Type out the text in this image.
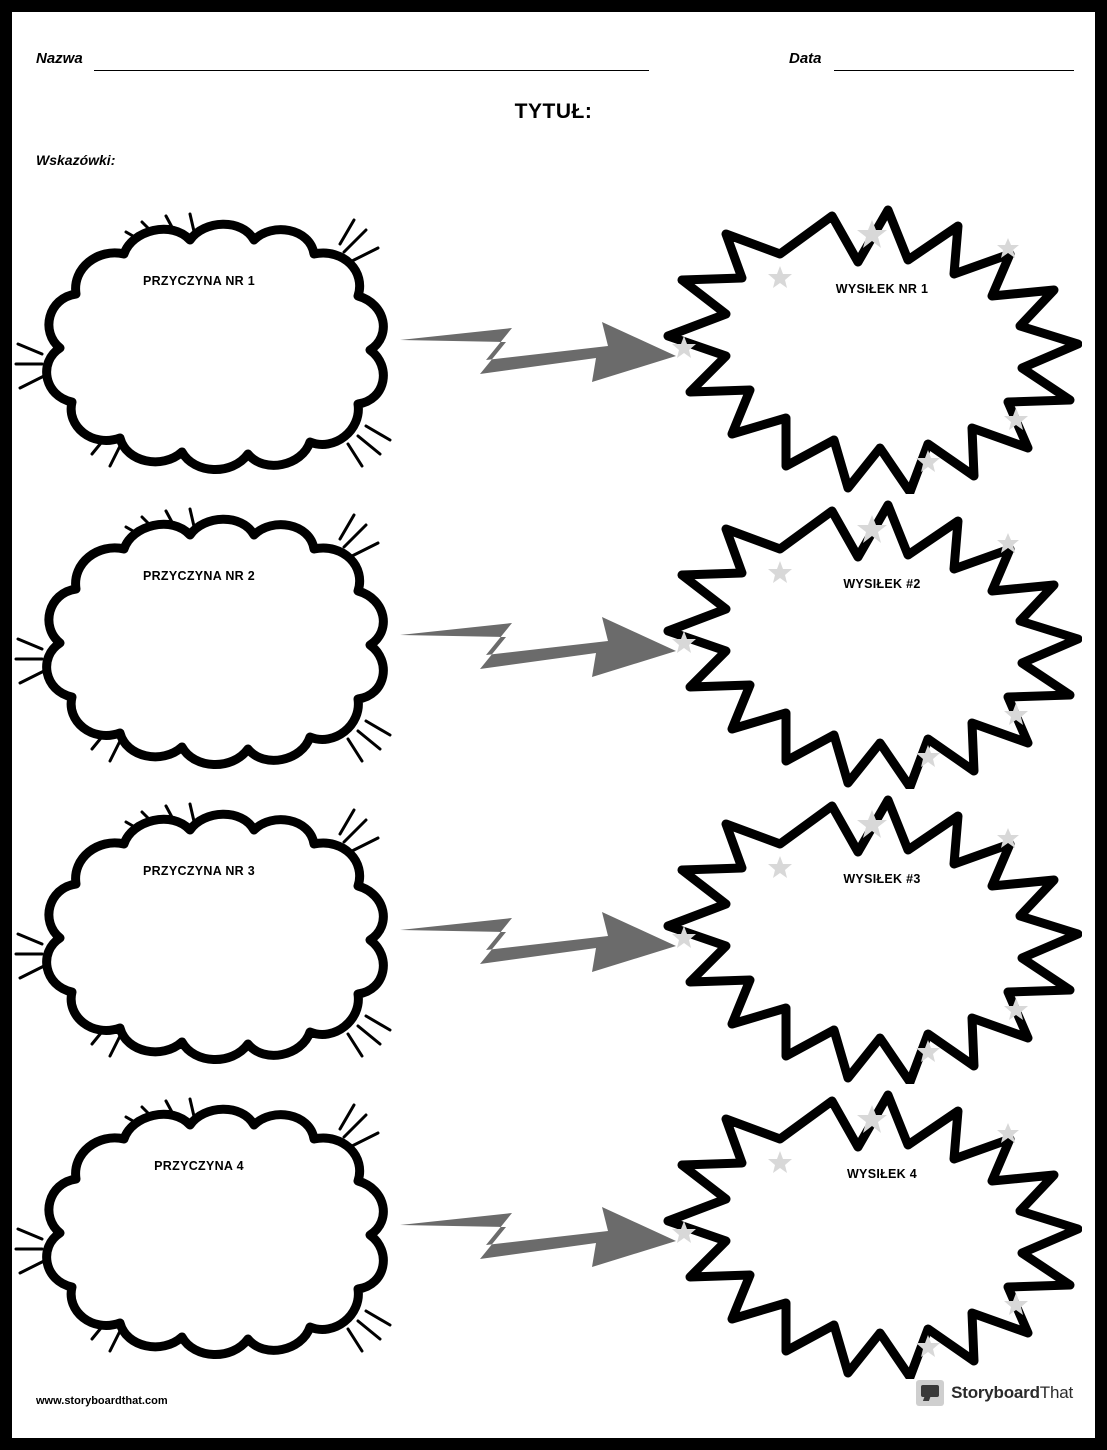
Nazwa	Data
TYTUŁ:
Wskazówki:
PRZYCZYNA NR 1
WYSIŁEK NR 1
PRZYCZYNA NR 2
WYSIŁEK #2
PRZYCZYNA NR 3
WYSIŁEK #3
PRZYCZYNA 4
WYSIŁEK 4
www.storyboardthat.com	StoryboardThat
